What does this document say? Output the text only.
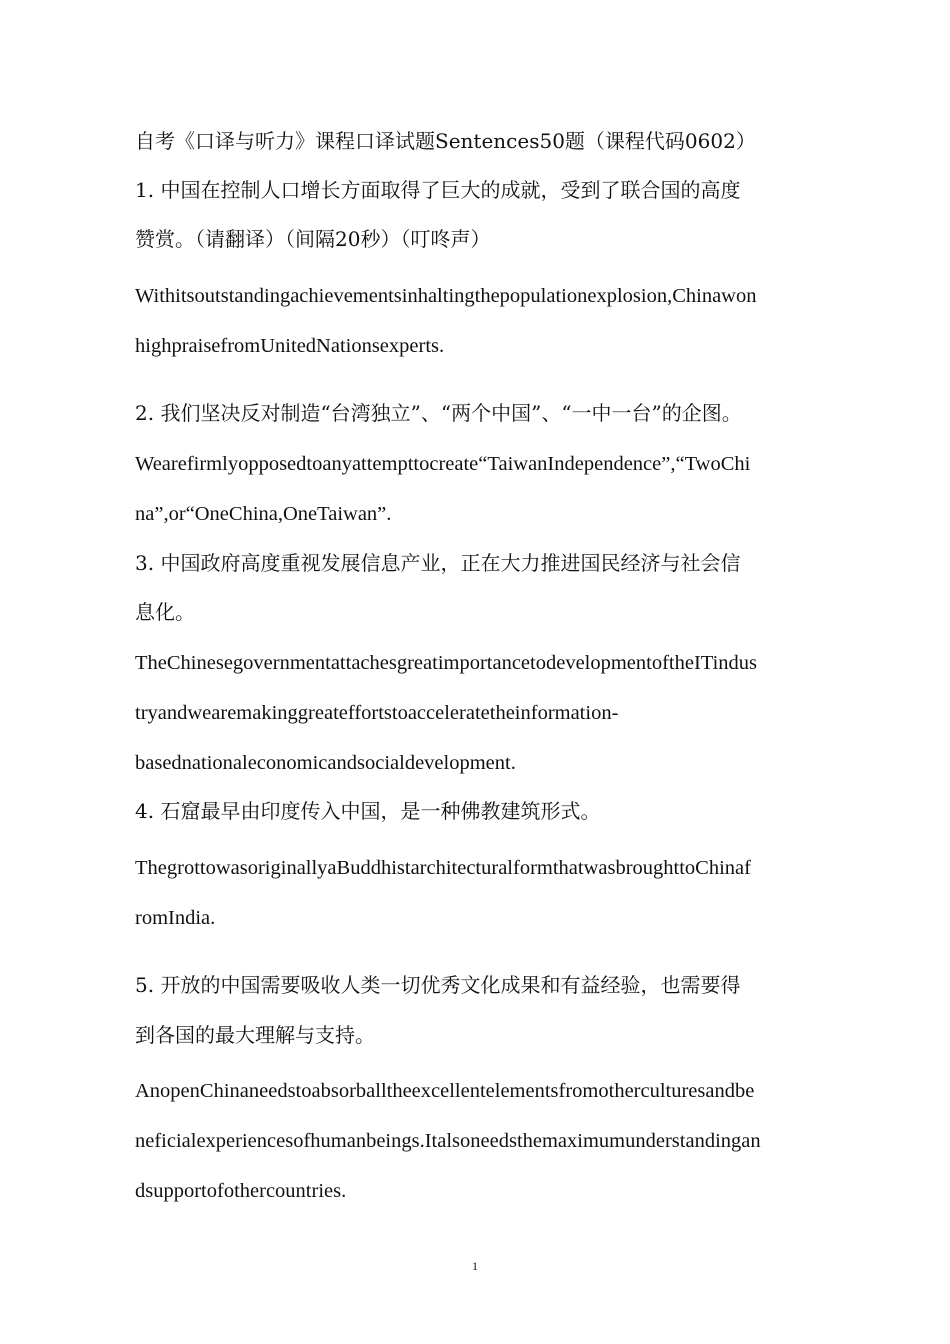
自考《口译与听力》课程口译试题Sentences50题（课程代码0602）
1. 中国在控制人口增长方面取得了巨大的成就，受到了联合国的高度
赞赏。（请翻译）（间隔20秒）（叮咚声）
Withitsoutstandingachievementsinhaltingthepopulationexplosion,Chinawon
highpraisefromUnitedNationsexperts.
2. 我们坚决反对制造“台湾独立”、“两个中国”、“一中一台”的企图。
Wearefirmlyopposedtoanyattempttocreate“TaiwanIndependence”,“TwoChi
na”,or“OneChina,OneTaiwan”.
3. 中国政府高度重视发展信息产业，正在大力推进国民经济与社会信
息化。
TheChinesegovernmentattachesgreatimportancetodevelopmentoftheITindus
tryandwearemakinggreateffortstoacceleratetheinformation-
basednationaleconomicandsocialdevelopment.
4. 石窟最早由印度传入中国，是一种佛教建筑形式。
ThegrottowasoriginallyaBuddhistarchitecturalformthatwasbroughttoChinaf
romIndia.
5. 开放的中国需要吸收人类一切优秀文化成果和有益经验，也需要得
到各国的最大理解与支持。
AnopenChinaneedstoabsorballtheexcellentelementsfromotherculturesandbe
neficialexperiencesofhumanbeings.Italsoneedsthemaximumunderstandingan
dsupportofothercountries.
1
